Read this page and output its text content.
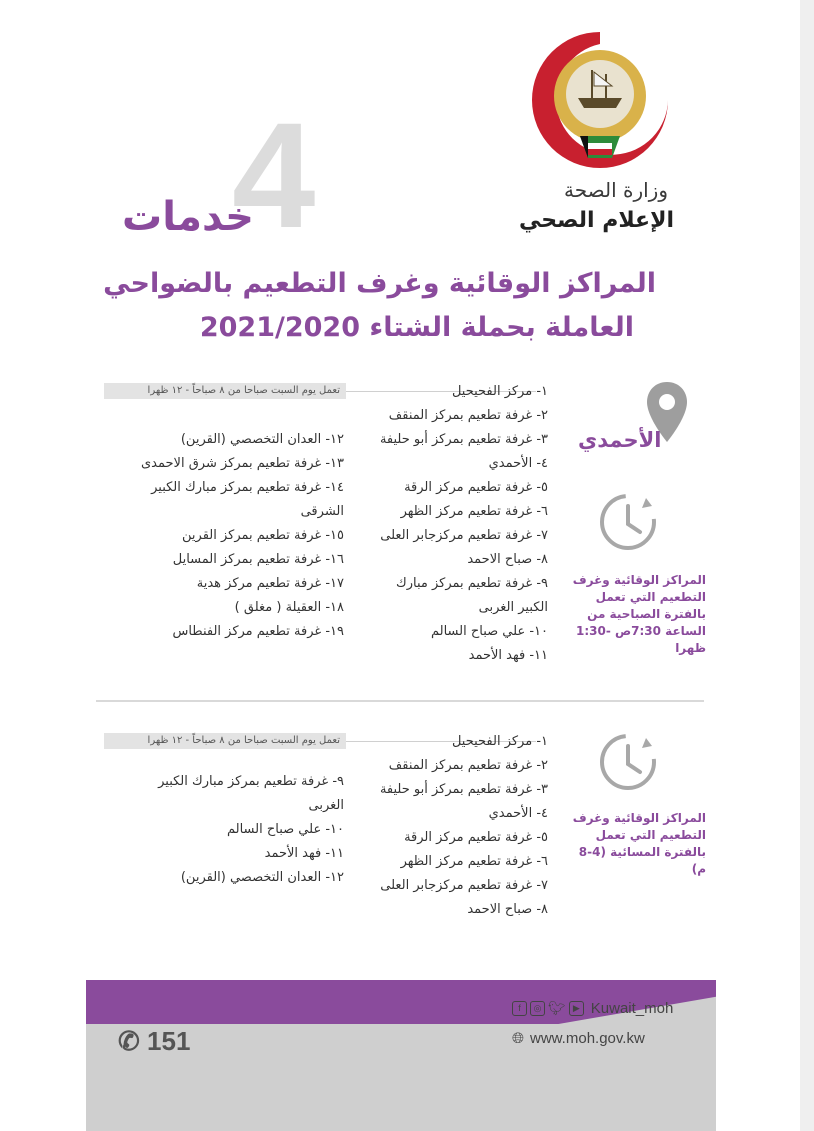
وزارة الصحة
الإعلام الصحي
4
خدمات
المراكز الوقائية وغرف التطعيم بالضواحي
العاملة بحملة الشتاء 2021/2020
الأحمدي
المراكز الوقائية وغرف التطعيم التي تعمل بالفترة الصباحية من الساعة 7:30ص -1:30 ظهرا
تعمل يوم السبت صباحا من ٨ صباحاً - ١٢ ظهرا	١- مركز الفحيحيل
٢- غرفة تطعيم بمركز المنقف
٣- غرفة تطعيم بمركز أبو حليفة
٤- الأحمدي
٥- غرفة تطعيم مركز الرقة
٦- غرفة تطعيم مركز الظهر
٧- غرفة تطعيم مركزجابر العلى
٨- صباح الاحمد
٩- غرفة تطعيم بمركز مبارك
الكبير الغربى
١٠- علي صباح السالم
١١- فهد الأحمد
١٢- العدان التخصصي (القرين)
١٣- غرفة تطعيم بمركز شرق الاحمدى
١٤- غرفة تطعيم بمركز مبارك الكبير
الشرقى
١٥- غرفة تطعيم بمركز القرين
١٦- غرفة تطعيم بمركز المسايل
١٧- غرفة تطعيم مركز هدية
١٨- العقيلة ( مغلق )
١٩- غرفة تطعيم مركز الفنطاس
المراكز الوقائية وغرف التطعيم التي تعمل بالفترة المسائية (4-8 م)
تعمل يوم السبت صباحا من ٨ صباحاً - ١٢ ظهرا	١- مركز الفحيحيل
٢- غرفة تطعيم بمركز المنقف
٣- غرفة تطعيم بمركز أبو حليفة
٤- الأحمدي
٥- غرفة تطعيم مركز الرقة
٦- غرفة تطعيم مركز الظهر
٧- غرفة تطعيم مركزجابر العلى
٨- صباح الاحمد
٩- غرفة تطعيم بمركز مبارك الكبير
الغربى
١٠- علي صباح السالم
١١- فهد الأحمد
١٢- العدان التخصصي (القرين)
✆ 151
f	◎ 🐦︎ ▶ Kuwait_moh
🌐︎ www.moh.gov.kw
